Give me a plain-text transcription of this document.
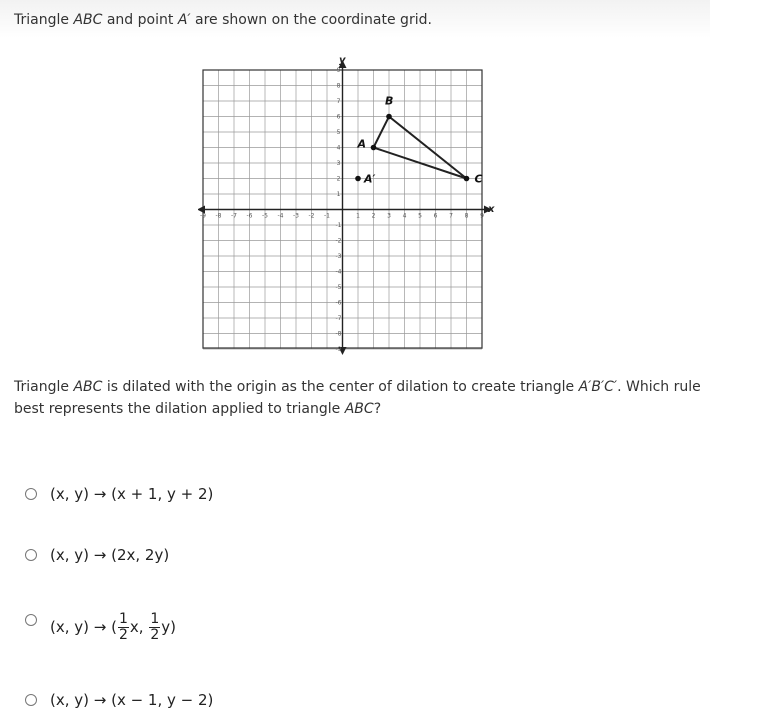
Triangle ABC and point A′ are shown on the coordinate grid.
-9 -8 -7 -6 -5 -4 -3 -2 -1	1 2 3 4 5 6 7 8 9
9
8
7
6
5
4
3
2
1
-1
-2
-3
-4
-5
-6
-7
-8
-9
x
y
A
B
C
A′
Triangle ABC is dilated with the origin as the center of dilation to create triangle A′B′C′. Which rule best represents the dilation applied to triangle ABC?
(x, y) → (x + 1, y + 2)
(x, y) → (2x, 2y)
(x, y) → ( $\frac{1}{2} x$, $\frac{1}{2} y$)
(x, y) → (x − 1, y − 2)
